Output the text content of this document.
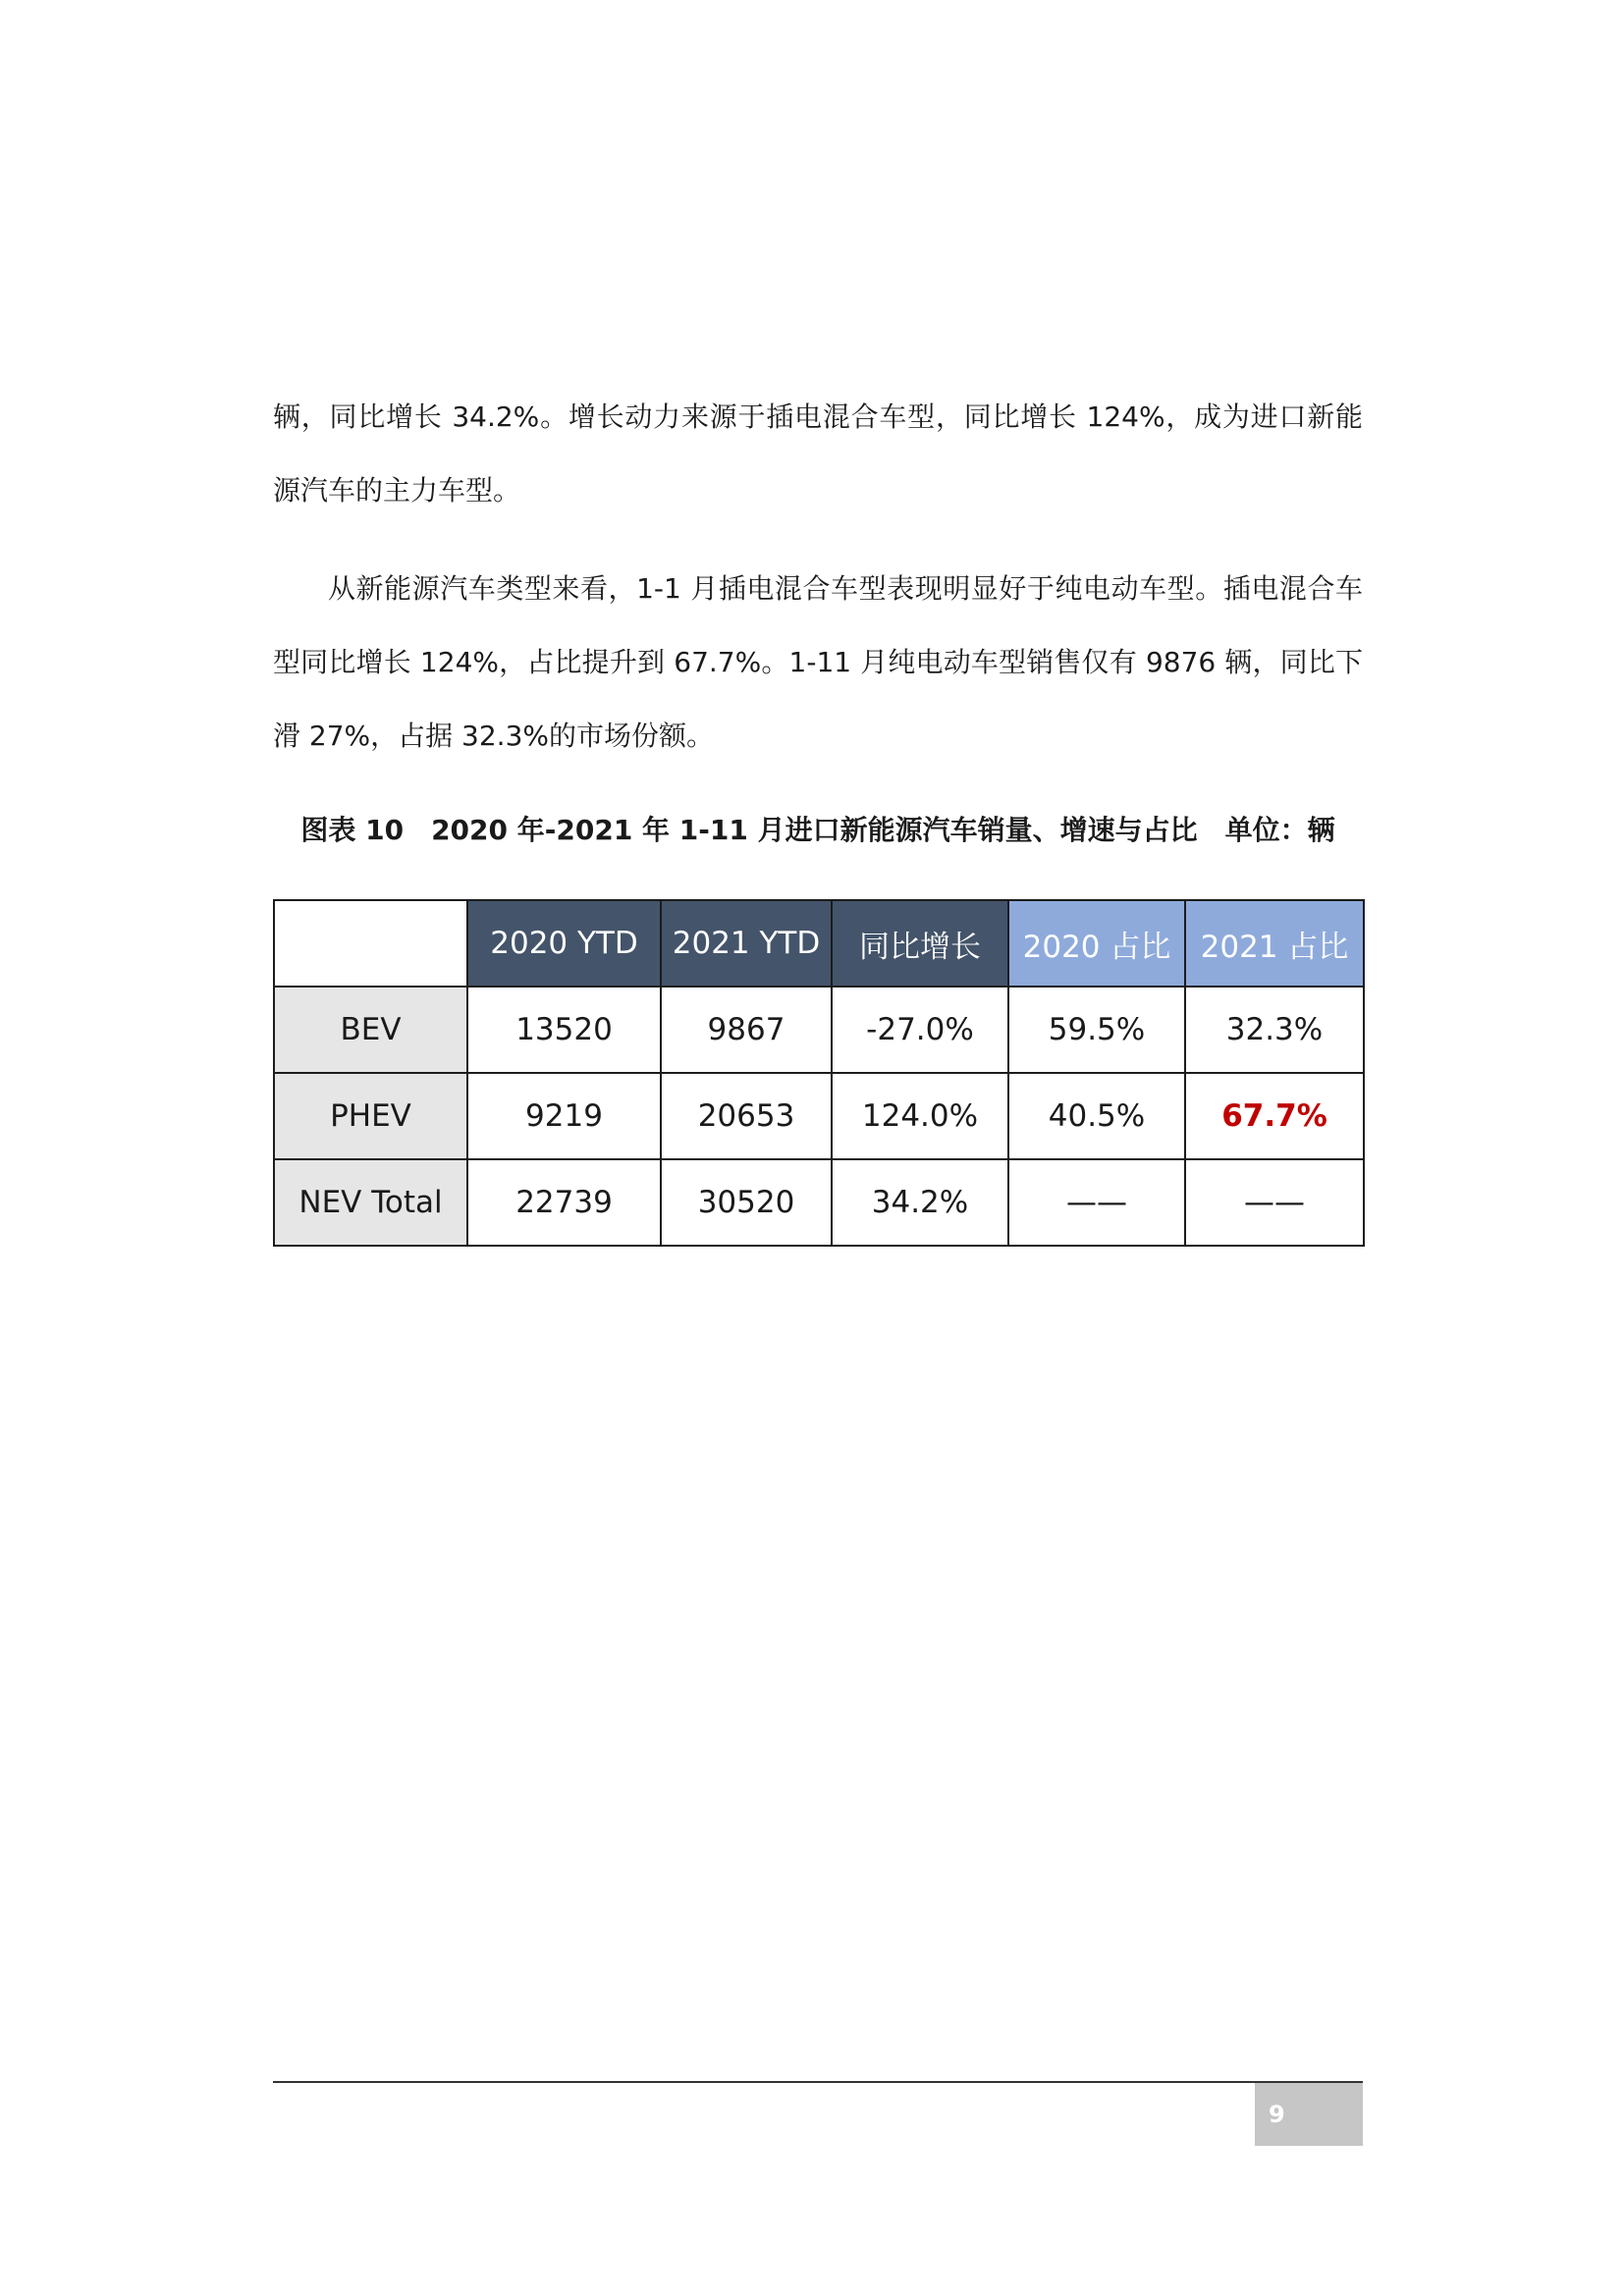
辆，同比增长 34.2%。增长动力来源于插电混合车型，同比增长 124%，成为进口新能源汽车的主力车型。

从新能源汽车类型来看，1-1 月插电混合车型表现明显好于纯电动车型。插电混合车型同比增长 124%，占比提升到 67.7%。1-11 月纯电动车型销售仅有 9876 辆，同比下滑 27%，占据 32.3%的市场份额。

图表 10　2020 年-2021 年 1-11 月进口新能源汽车销量、增速与占比　单位：辆
	2020 YTD	2021 YTD	同比增长	2020 占比	2021 占比
BEV	13520	9867	-27.0%	59.5%	32.3%
PHEV	9219	20653	124.0%	40.5%	67.7%
NEV Total	22739	30520	34.2%	——	——
9
